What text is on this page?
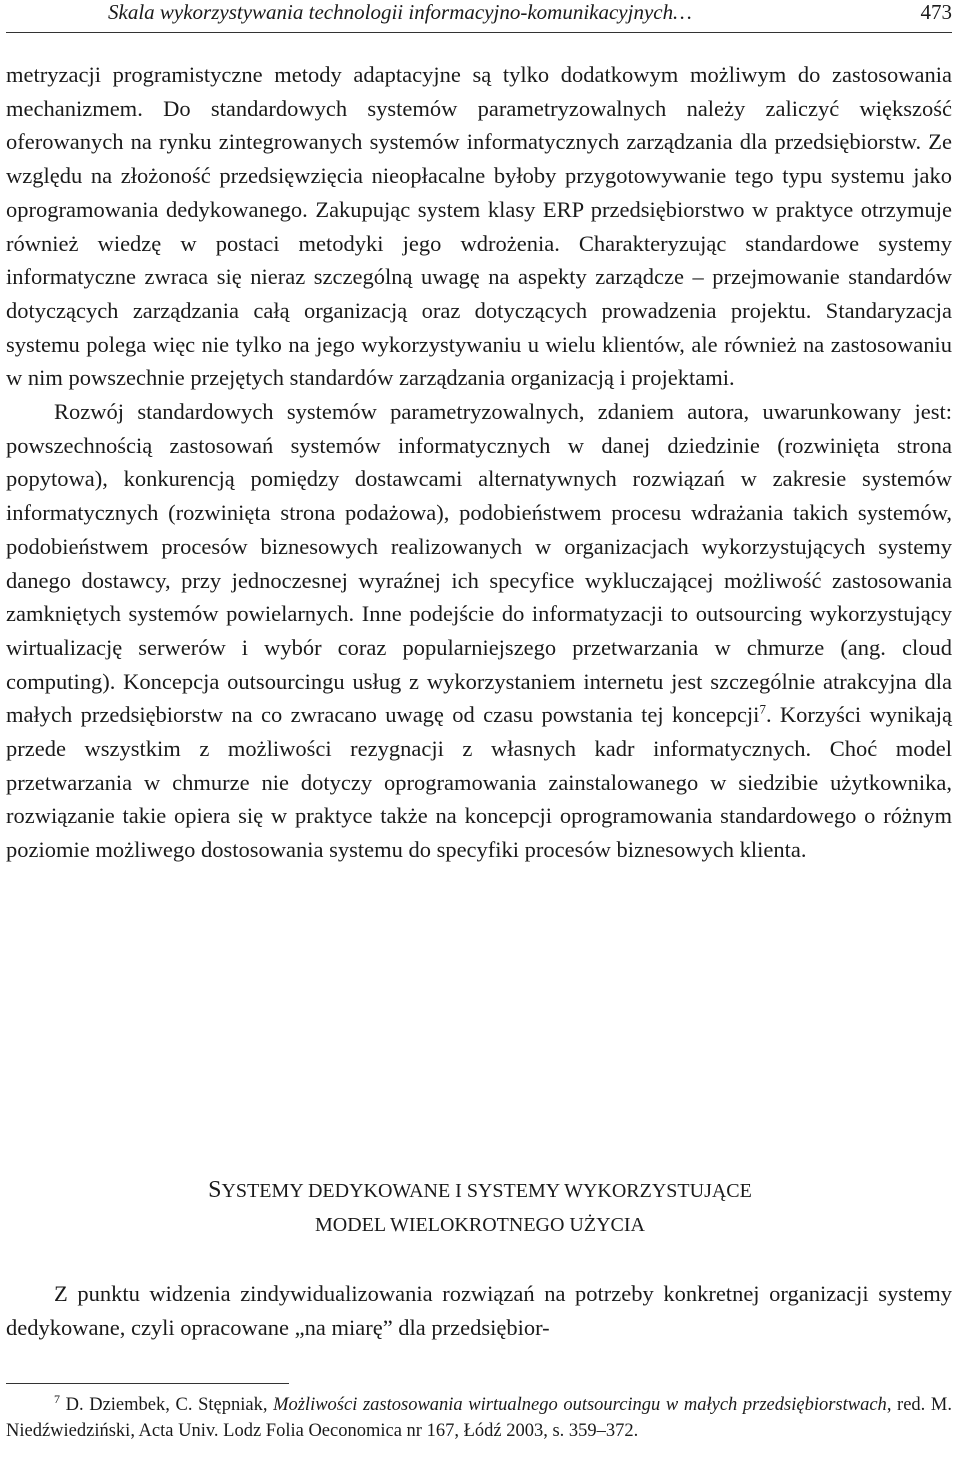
Skala wykorzystywania technologii informacyjno-komunikacyjnych…	473

metryzacji programistyczne metody adaptacyjne są tylko dodatkowym możliwym do zastosowania mechanizmem. Do standardowych systemów parametryzowalnych należy zaliczyć większość oferowanych na rynku zintegrowanych systemów informatycznych zarządzania dla przedsiębiorstw. Ze względu na złożoność przedsięwzięcia nieopłacalne byłoby przygotowywanie tego typu systemu jako oprogramowania dedykowanego. Zakupując system klasy ERP przedsiębiorstwo w praktyce otrzymuje również wiedzę w postaci metodyki jego wdrożenia. Charakteryzując standardowe systemy informatyczne zwraca się nieraz szczególną uwagę na aspekty zarządcze – przejmowanie standardów dotyczących zarządzania całą organizacją oraz dotyczących prowadzenia projektu. Standaryzacja systemu polega więc nie tylko na jego wykorzystywaniu u wielu klientów, ale również na zastosowaniu w nim powszechnie przejętych standardów zarządzania organizacją i projektami.

Rozwój standardowych systemów parametryzowalnych, zdaniem autora, uwarunkowany jest: powszechnością zastosowań systemów informatycznych w danej dziedzinie (rozwinięta strona popytowa), konkurencją pomiędzy dostawcami alternatywnych rozwiązań w zakresie systemów informatycznych (rozwinięta strona podażowa), podobieństwem procesu wdrażania takich systemów, podobieństwem procesów biznesowych realizowanych w organizacjach wykorzystujących systemy danego dostawcy, przy jednoczesnej wyraźnej ich specyfice wykluczającej możliwość zastosowania zamkniętych systemów powielarnych. Inne podejście do informatyzacji to outsourcing wykorzystujący wirtualizację serwerów i wybór coraz popularniejszego przetwarzania w chmurze (ang. cloud computing). Koncepcja outsourcingu usług z wykorzystaniem internetu jest szczególnie atrakcyjna dla małych przedsiębiorstw na co zwracano uwagę od czasu powstania tej koncepcji$^7$. Korzyści wynikają przede wszystkim z możliwości rezygnacji z własnych kadr informatycznych. Choć model przetwarzania w chmurze nie dotyczy oprogramowania zainstalowanego w siedzibie użytkownika, rozwiązanie takie opiera się w praktyce także na koncepcji oprogramowania standardowego o różnym poziomie możliwego dostosowania systemu do specyfiki procesów biznesowych klienta.

SYSTEMY DEDYKOWANE I SYSTEMY WYKORZYSTUJĄCE
MODEL WIELOKROTNEGO UŻYCIA

Z punktu widzenia zindywidualizowania rozwiązań na potrzeby konkretnej organizacji systemy dedykowane, czyli opracowane „na miarę” dla przedsiębior-

$^7$ D. Dziembek, C. Stępniak, Możliwości zastosowania wirtualnego outsourcingu w małych przedsiębiorstwach, red. M. Niedźwiedziński, Acta Univ. Lodz Folia Oeconomica nr 167, Łódź 2003, s. 359–372.
